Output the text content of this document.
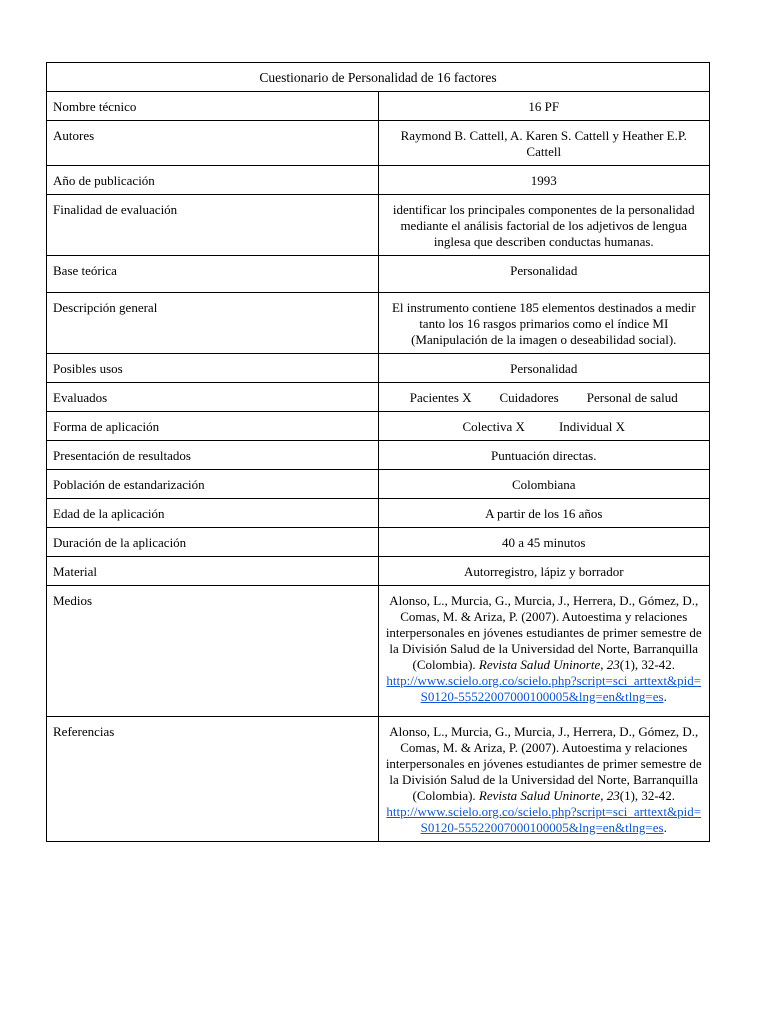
Cuestionario de Personalidad de 16 factores	
Nombre técnico	16 PF
Autores	Raymond B. Cattell, A. Karen S. Cattell y Heather E.P. Cattell
Año de publicación	1993
Finalidad de evaluación	identificar los principales componentes de la personalidad mediante el análisis factorial de los adjetivos de lengua inglesa que describen conductas humanas.
Base teórica	Personalidad
Descripción general	El instrumento contiene 185 elementos destinados a medir tanto los 16 rasgos primarios como el índice MI (Manipulación de la imagen o deseabilidad social).
Posibles usos	Personalidad
Evaluados	Pacientes X Cuidadores Personal de salud
Forma de aplicación	Colectiva X Individual X
Presentación de resultados	Puntuación directas.
Población de estandarización	Colombiana
Edad de la aplicación	A partir de los 16 años
Duración de la aplicación	40 a 45 minutos
Material	Autorregistro, lápiz y borrador
Medios	Alonso, L., Murcia, G., Murcia, J., Herrera, D., Gómez, D., Comas, M. & Ariza, P. (2007). Autoestima y relaciones interpersonales en jóvenes estudiantes de primer semestre de la División Salud de la Universidad del Norte, Barranquilla (Colombia). Revista Salud Uninorte, 23(1), 32-42.
http://www.scielo.org.co/scielo.php?script=sci_arttext&pid=S0120-55522007000100005&lng=en&tlng=es.
Referencias	Alonso, L., Murcia, G., Murcia, J., Herrera, D., Gómez, D., Comas, M. & Ariza, P. (2007). Autoestima y relaciones interpersonales en jóvenes estudiantes de primer semestre de la División Salud de la Universidad del Norte, Barranquilla (Colombia). Revista Salud Uninorte, 23(1), 32-42.
http://www.scielo.org.co/scielo.php?script=sci_arttext&pid=S0120-55522007000100005&lng=en&tlng=es.
